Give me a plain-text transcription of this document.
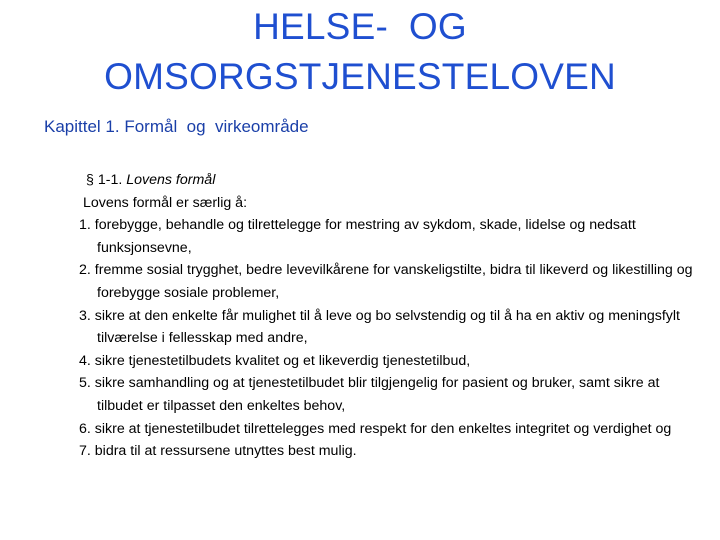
HELSE-  OG
OMSORGSTJENESTELOVEN
Kapittel 1. Formål  og  virkeområde
§ 1-1. Lovens formål
Lovens formål er særlig å:
1. forebygge, behandle og tilrettelegge for mestring av sykdom, skade, lidelse og nedsatt funksjonsevne,
2. fremme sosial trygghet, bedre levevilkårene for vanskeligstilte, bidra til likeverd og likestilling og forebygge sosiale problemer,
3. sikre at den enkelte får mulighet til å leve og bo selvstendig og til å ha en aktiv og meningsfylt tilværelse i fellesskap med andre,
4. sikre tjenestetilbudets kvalitet og et likeverdig tjenestetilbud,
5. sikre samhandling og at tjenestetilbudet blir tilgjengelig for pasient og bruker, samt sikre at tilbudet er tilpasset den enkeltes behov,
6. sikre at tjenestetilbudet tilrettelegges med respekt for den enkeltes integritet og verdighet og
7. bidra til at ressursene utnyttes best mulig.
